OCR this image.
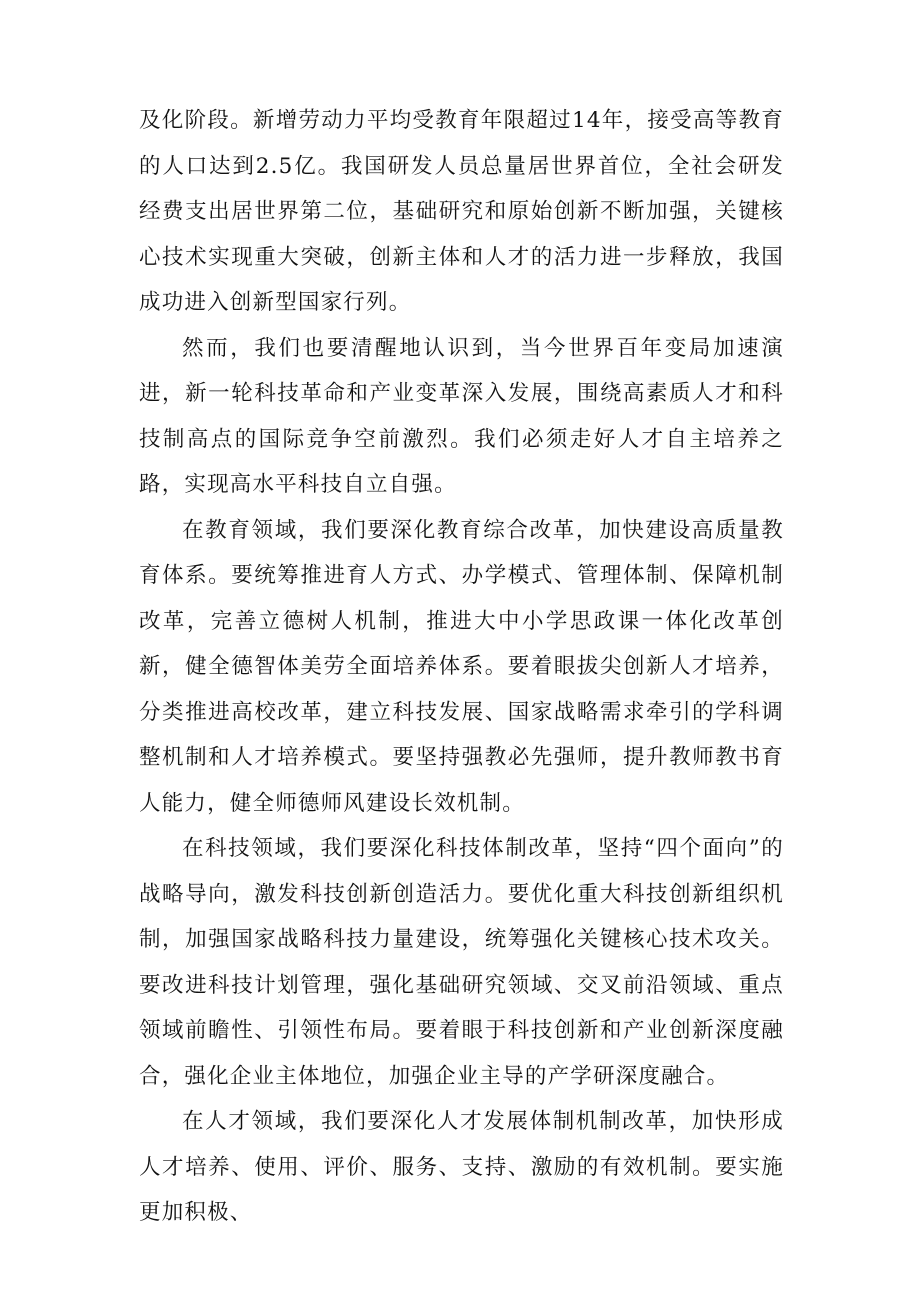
及化阶段。新增劳动力平均受教育年限超过14年，接受高等教育的人口达到2.5亿。我国研发人员总量居世界首位，全社会研发经费支出居世界第二位，基础研究和原始创新不断加强，关键核心技术实现重大突破，创新主体和人才的活力进一步释放，我国成功进入创新型国家行列。

然而，我们也要清醒地认识到，当今世界百年变局加速演进，新一轮科技革命和产业变革深入发展，围绕高素质人才和科技制高点的国际竞争空前激烈。我们必须走好人才自主培养之路，实现高水平科技自立自强。

在教育领域，我们要深化教育综合改革，加快建设高质量教育体系。要统筹推进育人方式、办学模式、管理体制、保障机制改革，完善立德树人机制，推进大中小学思政课一体化改革创新，健全德智体美劳全面培养体系。要着眼拔尖创新人才培养，分类推进高校改革，建立科技发展、国家战略需求牵引的学科调整机制和人才培养模式。要坚持强教必先强师，提升教师教书育人能力，健全师德师风建设长效机制。

在科技领域，我们要深化科技体制改革，坚持“四个面向”的战略导向，激发科技创新创造活力。要优化重大科技创新组织机制，加强国家战略科技力量建设，统筹强化关键核心技术攻关。要改进科技计划管理，强化基础研究领域、交叉前沿领域、重点领域前瞻性、引领性布局。要着眼于科技创新和产业创新深度融合，强化企业主体地位，加强企业主导的产学研深度融合。

在人才领域，我们要深化人才发展体制机制改革，加快形成人才培养、使用、评价、服务、支持、激励的有效机制。要实施更加积极、
